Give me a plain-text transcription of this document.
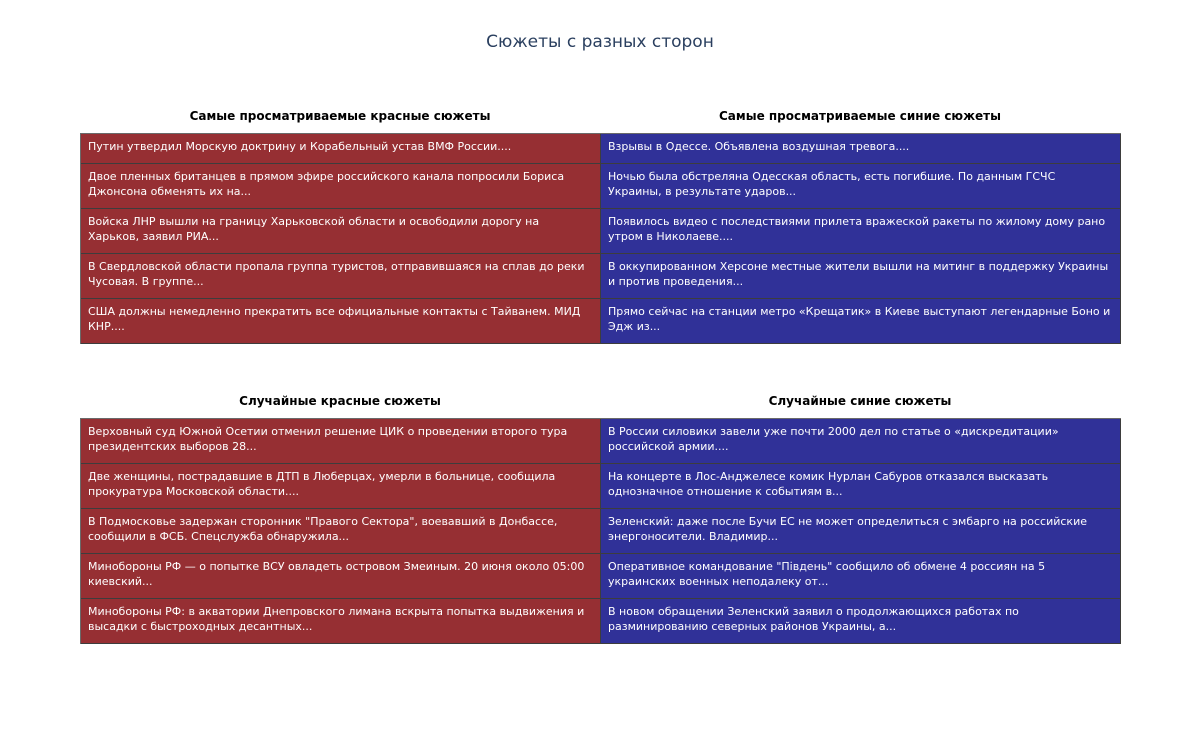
Сюжеты с разных сторон
Самые просматриваемые красные сюжеты	Самые просматриваемые синие сюжеты
Путин утвердил Морскую доктрину и Корабельный устав ВМФ России....
Двое пленных британцев в прямом эфире российского канала попросили Бориса Джонсона обменять их на...
Войска ЛНР вышли на границу Харьковской области и освободили дорогу на Харьков, заявил РИА...
В Свердловской области пропала группа туристов, отправившаяся на сплав до реки Чусовая. В группе...
США должны немедленно прекратить все официальные контакты с Тайванем. МИД КНР....
Взрывы в Одессе. Объявлена воздушная тревога....
Ночью была обстреляна Одесская область, есть погибшие. По данным ГСЧС Украины, в результате ударов...
Появилось видео с последствиями прилета вражеской ракеты по жилому дому рано утром в Николаеве....
В оккупированном Херсоне местные жители вышли на митинг в поддержку Украины и против проведения...
Прямо сейчас на станции метро «Крещатик» в Киеве выступают легендарные Боно и Эдж из...
Случайные красные сюжеты	Случайные синие сюжеты
Верховный суд Южной Осетии отменил решение ЦИК о проведении второго тура президентских выборов 28...
Две женщины, пострадавшие в ДТП в Люберцах, умерли в больнице, сообщила прокуратура Московской области....
В Подмосковье задержан сторонник "Правого Сектора", воевавший в Донбассе, сообщили в ФСБ. Спецслужба обнаружила...
Минобороны РФ — о попытке ВСУ овладеть островом Змеиным. 20 июня около 05:00 киевский...
Минобороны РФ: в акватории Днепровского лимана вскрыта попытка выдвижения и высадки с быстроходных десантных...
В России силовики завели уже почти 2000 дел по статье о «дискредитации» российской армии....
На концерте в Лос-Анджелесе комик Нурлан Сабуров отказался высказать однозначное отношение к событиям в...
Зеленский: даже после Бучи ЕС не может определиться с эмбарго на российские энергоносители. Владимир...
Оперативное командование "Південь" сообщило об обмене 4 россиян на 5 украинских военных неподалеку от...
В новом обращении Зеленский заявил о продолжающихся работах по разминированию северных районов Украины, а...
